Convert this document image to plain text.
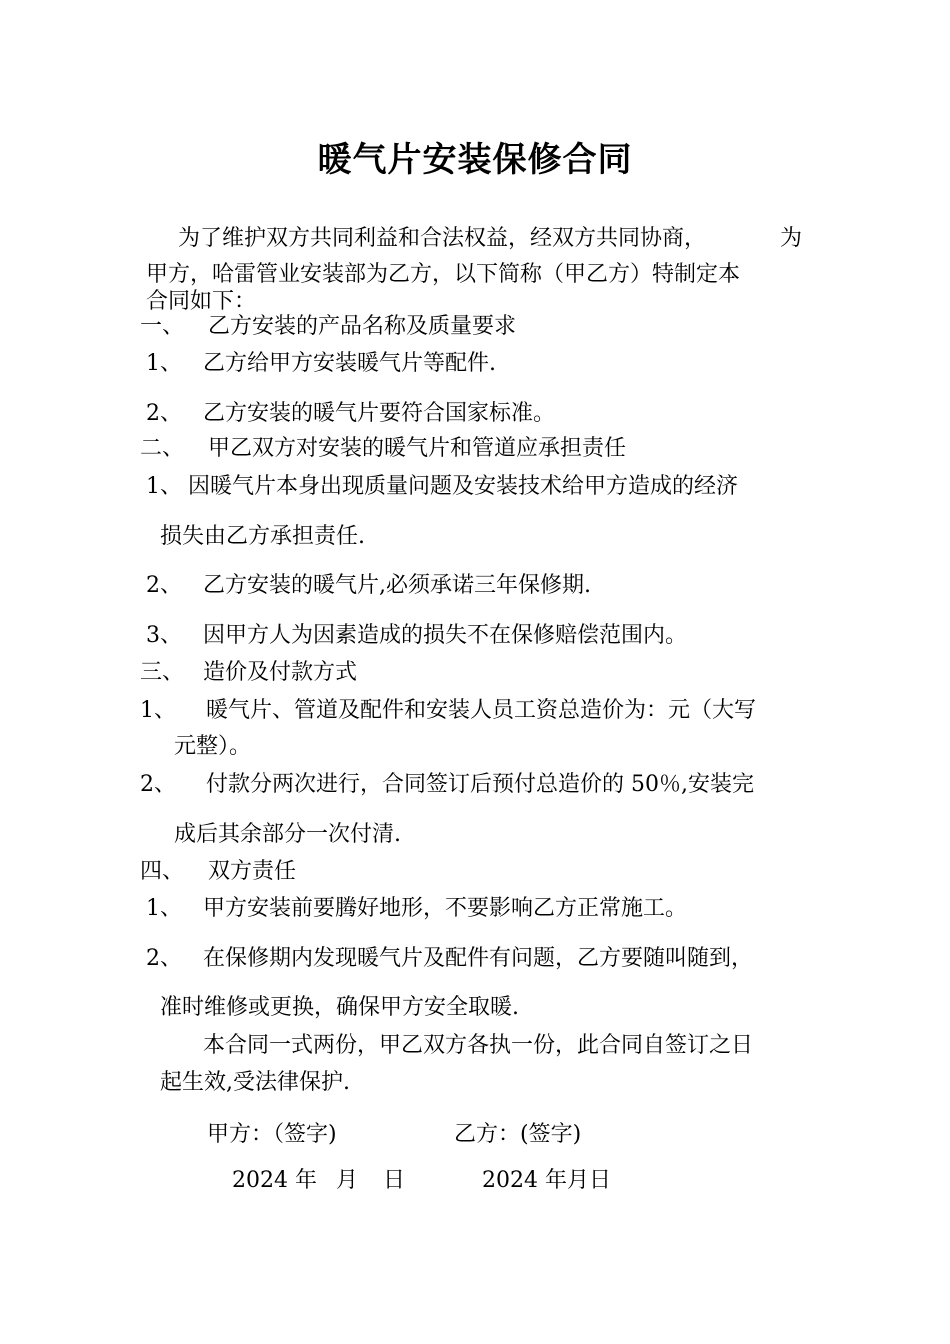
暖气片安装保修合同
为了维护双方共同利益和合法权益，经双方共同协商，	为
甲方，哈雷管业安装部为乙方，以下简称（甲乙方）特制定本
合同如下：
一、 乙方安装的产品名称及质量要求
1、 乙方给甲方安装暖气片等配件.
2、 乙方安装的暖气片要符合国家标准。
二、 甲乙双方对安装的暖气片和管道应承担责任
1、 因暖气片本身出现质量问题及安装技术给甲方造成的经济
损失由乙方承担责任.
2、 乙方安装的暖气片,必须承诺三年保修期.
3、 因甲方人为因素造成的损失不在保修赔偿范围内。
三、 造价及付款方式
1、 暖气片、管道及配件和安装人员工资总造价为：元（大写
元整）。
2、 付款分两次进行，合同签订后预付总造价的 50％,安装完
成后其余部分一次付清.
四、 双方责任
1、 甲方安装前要腾好地形，不要影响乙方正常施工。
2、 在保修期内发现暖气片及配件有问题，乙方要随叫随到，
准时维修或更换，确保甲方安全取暖.
本合同一式两份，甲乙双方各执一份，此合同自签订之日
起生效,受法律保护.
甲方：（签字)	乙方：(签字)
2024 年 月 日	2024 年月日
